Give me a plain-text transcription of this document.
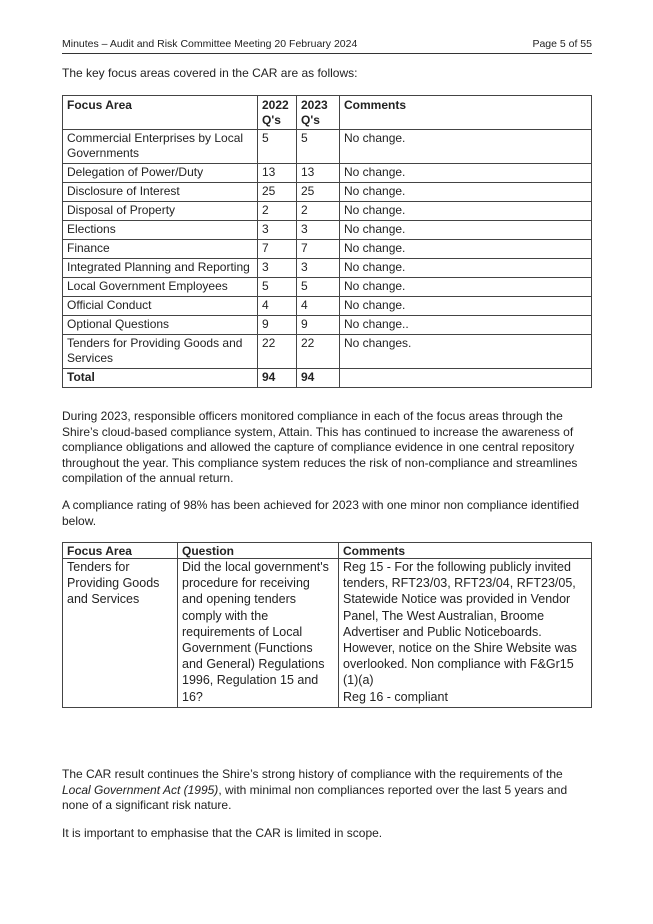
Minutes – Audit and Risk Committee Meeting 20 February 2024	Page 5 of 55

The key focus areas covered in the CAR are as follows:

Focus Area	2022 Q's	2023 Q's	Comments
Commercial Enterprises by Local Governments	5	5	No change.
Delegation of Power/Duty	13	13	No change.
Disclosure of Interest	25	25	No change.
Disposal of Property	2	2	No change.
Elections	3	3	No change.
Finance	7	7	No change.
Integrated Planning and Reporting	3	3	No change.
Local Government Employees	5	5	No change.
Official Conduct	4	4	No change.
Optional Questions	9	9	No change..
Tenders for Providing Goods and Services	22	22	No changes.
Total	94	94	

During 2023, responsible officers monitored compliance in each of the focus areas through the Shire’s cloud-based compliance system, Attain. This has continued to increase the awareness of compliance obligations and allowed the capture of compliance evidence in one central repository throughout the year. This compliance system reduces the risk of non-compliance and streamlines compilation of the annual return.

A compliance rating of 98% has been achieved for 2023 with one minor non compliance identified below.

Focus Area	Question	Comments
Tenders for Providing Goods and Services	Did the local government's procedure for receiving and opening tenders comply with the requirements of Local Government (Functions and General) Regulations 1996, Regulation 15 and 16?	Reg 15 - For the following publicly invited tenders, RFT23/03, RFT23/04, RFT23/05, Statewide Notice was provided in Vendor Panel, The West Australian, Broome Advertiser and Public Noticeboards. However, notice on the Shire Website was overlooked. Non compliance with F&Gr15 (1)(a)
Reg 16 - compliant

The CAR result continues the Shire’s strong history of compliance with the requirements of the Local Government Act (1995), with minimal non compliances reported over the last 5 years and none of a significant risk nature.

It is important to emphasise that the CAR is limited in scope.
